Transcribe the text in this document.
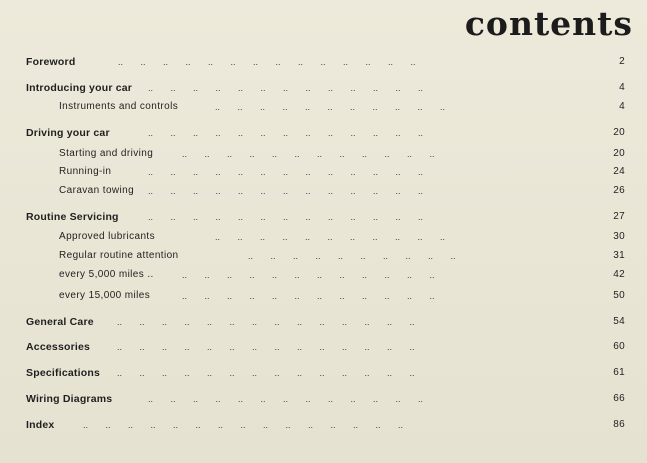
contents
Foreword	..       ..       ..       ..       ..       ..       ..       ..       ..       ..       ..       ..       ..       ..	2
Introducing your car ..       ..       ..       ..       ..       ..       ..       ..       ..       ..       ..       ..       ..	4
Instruments and controls	..       ..       ..       ..       ..       ..       ..       ..       ..       ..       ..	4
Driving your car	..       ..       ..       ..       ..       ..       ..       ..       ..       ..       ..       ..       ..	20
Starting and driving	..       ..       ..       ..       ..       ..       ..       ..       ..       ..       ..       ..	20
Running-in	..       ..       ..       ..       ..       ..       ..       ..       ..       ..       ..       ..       ..	24
Caravan towing ..       ..       ..       ..       ..       ..       ..       ..       ..       ..       ..       ..       ..	26
Routine Servicing	..       ..       ..       ..       ..       ..       ..       ..       ..       ..       ..       ..       ..	27
Approved lubricants	..       ..       ..       ..       ..       ..       ..       ..       ..       ..       ..	30
Regular routine attention	..       ..       ..       ..       ..       ..       ..       ..       ..       ..	31
every 5,000 miles ..	..       ..       ..       ..       ..       ..       ..       ..       ..       ..       ..       ..	42
every 15,000 miles	..       ..       ..       ..       ..       ..       ..       ..       ..       ..       ..       ..	50
General Care	..       ..       ..       ..       ..       ..       ..       ..       ..       ..       ..       ..       ..       ..	54
Accessories	..       ..       ..       ..       ..       ..       ..       ..       ..       ..       ..       ..       ..       ..	60
Specifications ..       ..       ..       ..       ..       ..       ..       ..       ..       ..       ..       ..       ..       ..	61
Wiring Diagrams	..       ..       ..       ..       ..       ..       ..       ..       ..       ..       ..       ..       ..	66
Index	..       ..       ..       ..       ..       ..       ..       ..       ..       ..       ..       ..       ..       ..       ..	86
